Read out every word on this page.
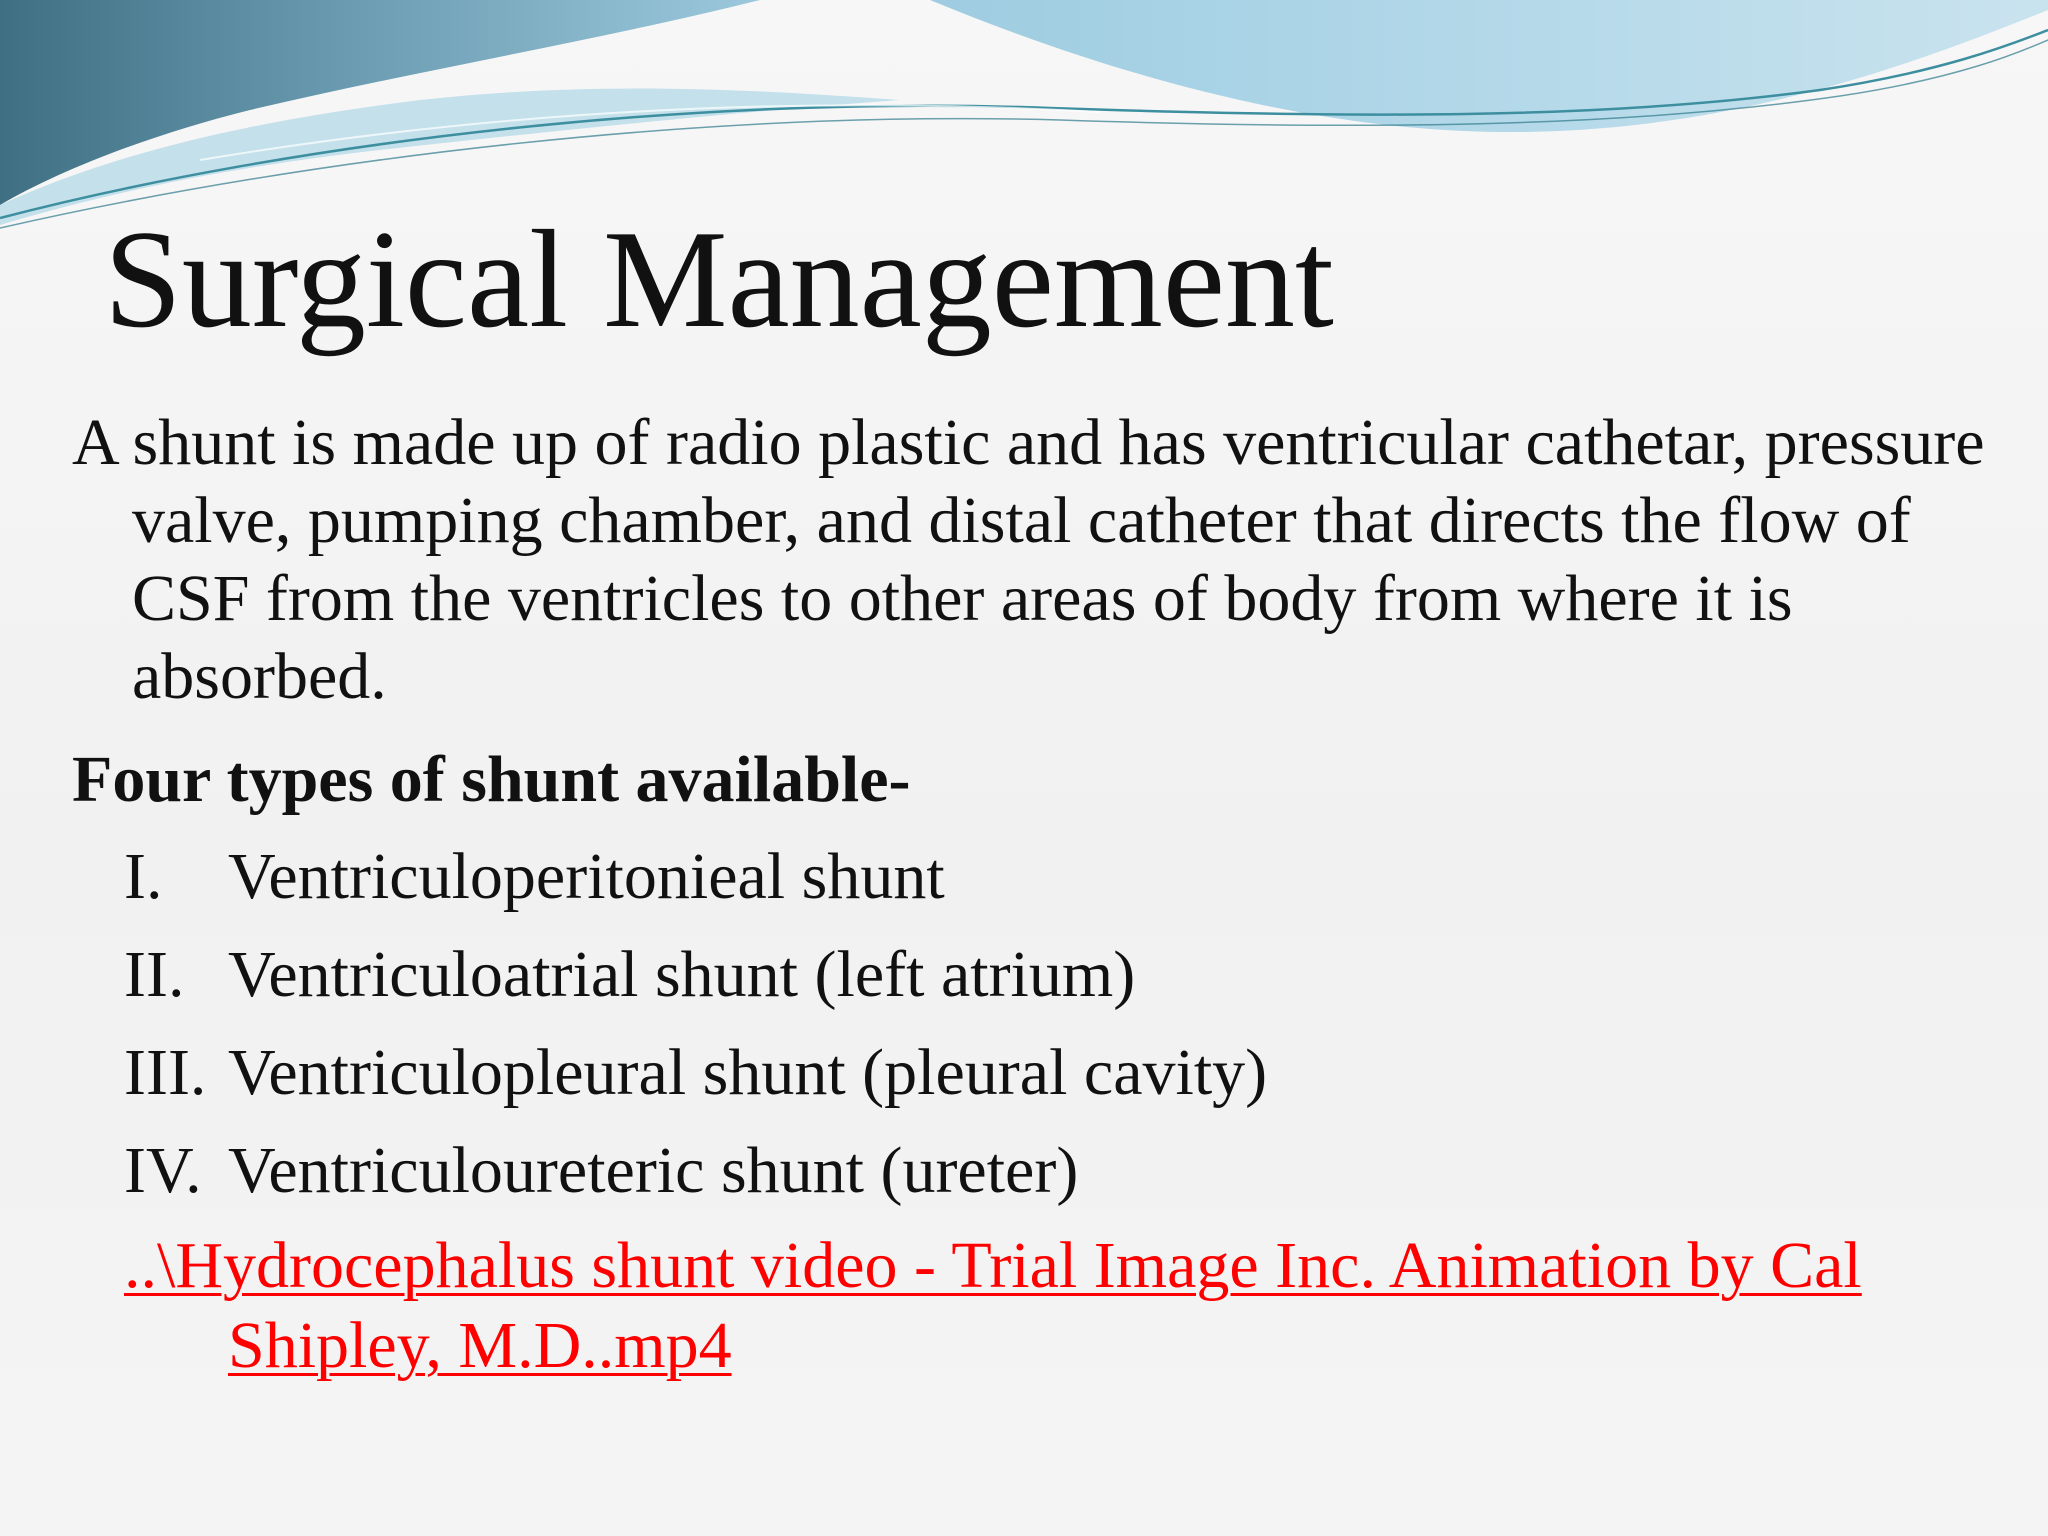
Surgical Management

A shunt is made up of radio plastic and has ventricular cathetar, pressure valve, pumping chamber, and distal catheter that directs the flow of CSF from the ventricles to other areas of body from where it is absorbed.

Four types of shunt available-

I. Ventriculoperitonieal shunt
II. Ventriculoatrial shunt (left atrium)
III. Ventriculopleural shunt (pleural cavity)
IV. Ventriculoureteric shunt (ureter)
..\Hydrocephalus shunt video - Trial Image Inc. Animation by Cal Shipley, M.D..mp4
